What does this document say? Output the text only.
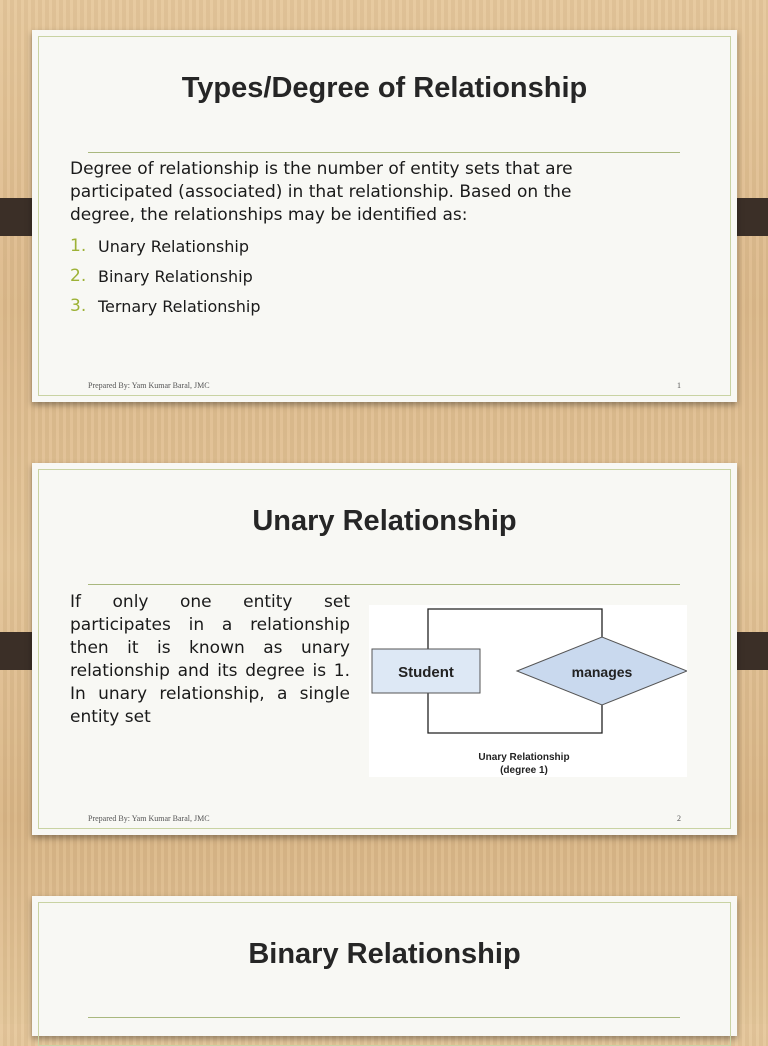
Types/Degree of Relationship
Degree of relationship is the number of entity sets that are participated (associated) in that relationship. Based on the degree, the relationships may be identified as:
1. Unary Relationship
2. Binary Relationship
3. Ternary Relationship
Prepared By: Yam Kumar Baral, JMC	1
Unary Relationship
If only one entity set participates in a relationship then it is known as unary relationship and its degree is 1. In unary relationship, a single entity set
Student	manages
Unary Relationship
(degree 1)
Prepared By: Yam Kumar Baral, JMC	2
Binary Relationship
